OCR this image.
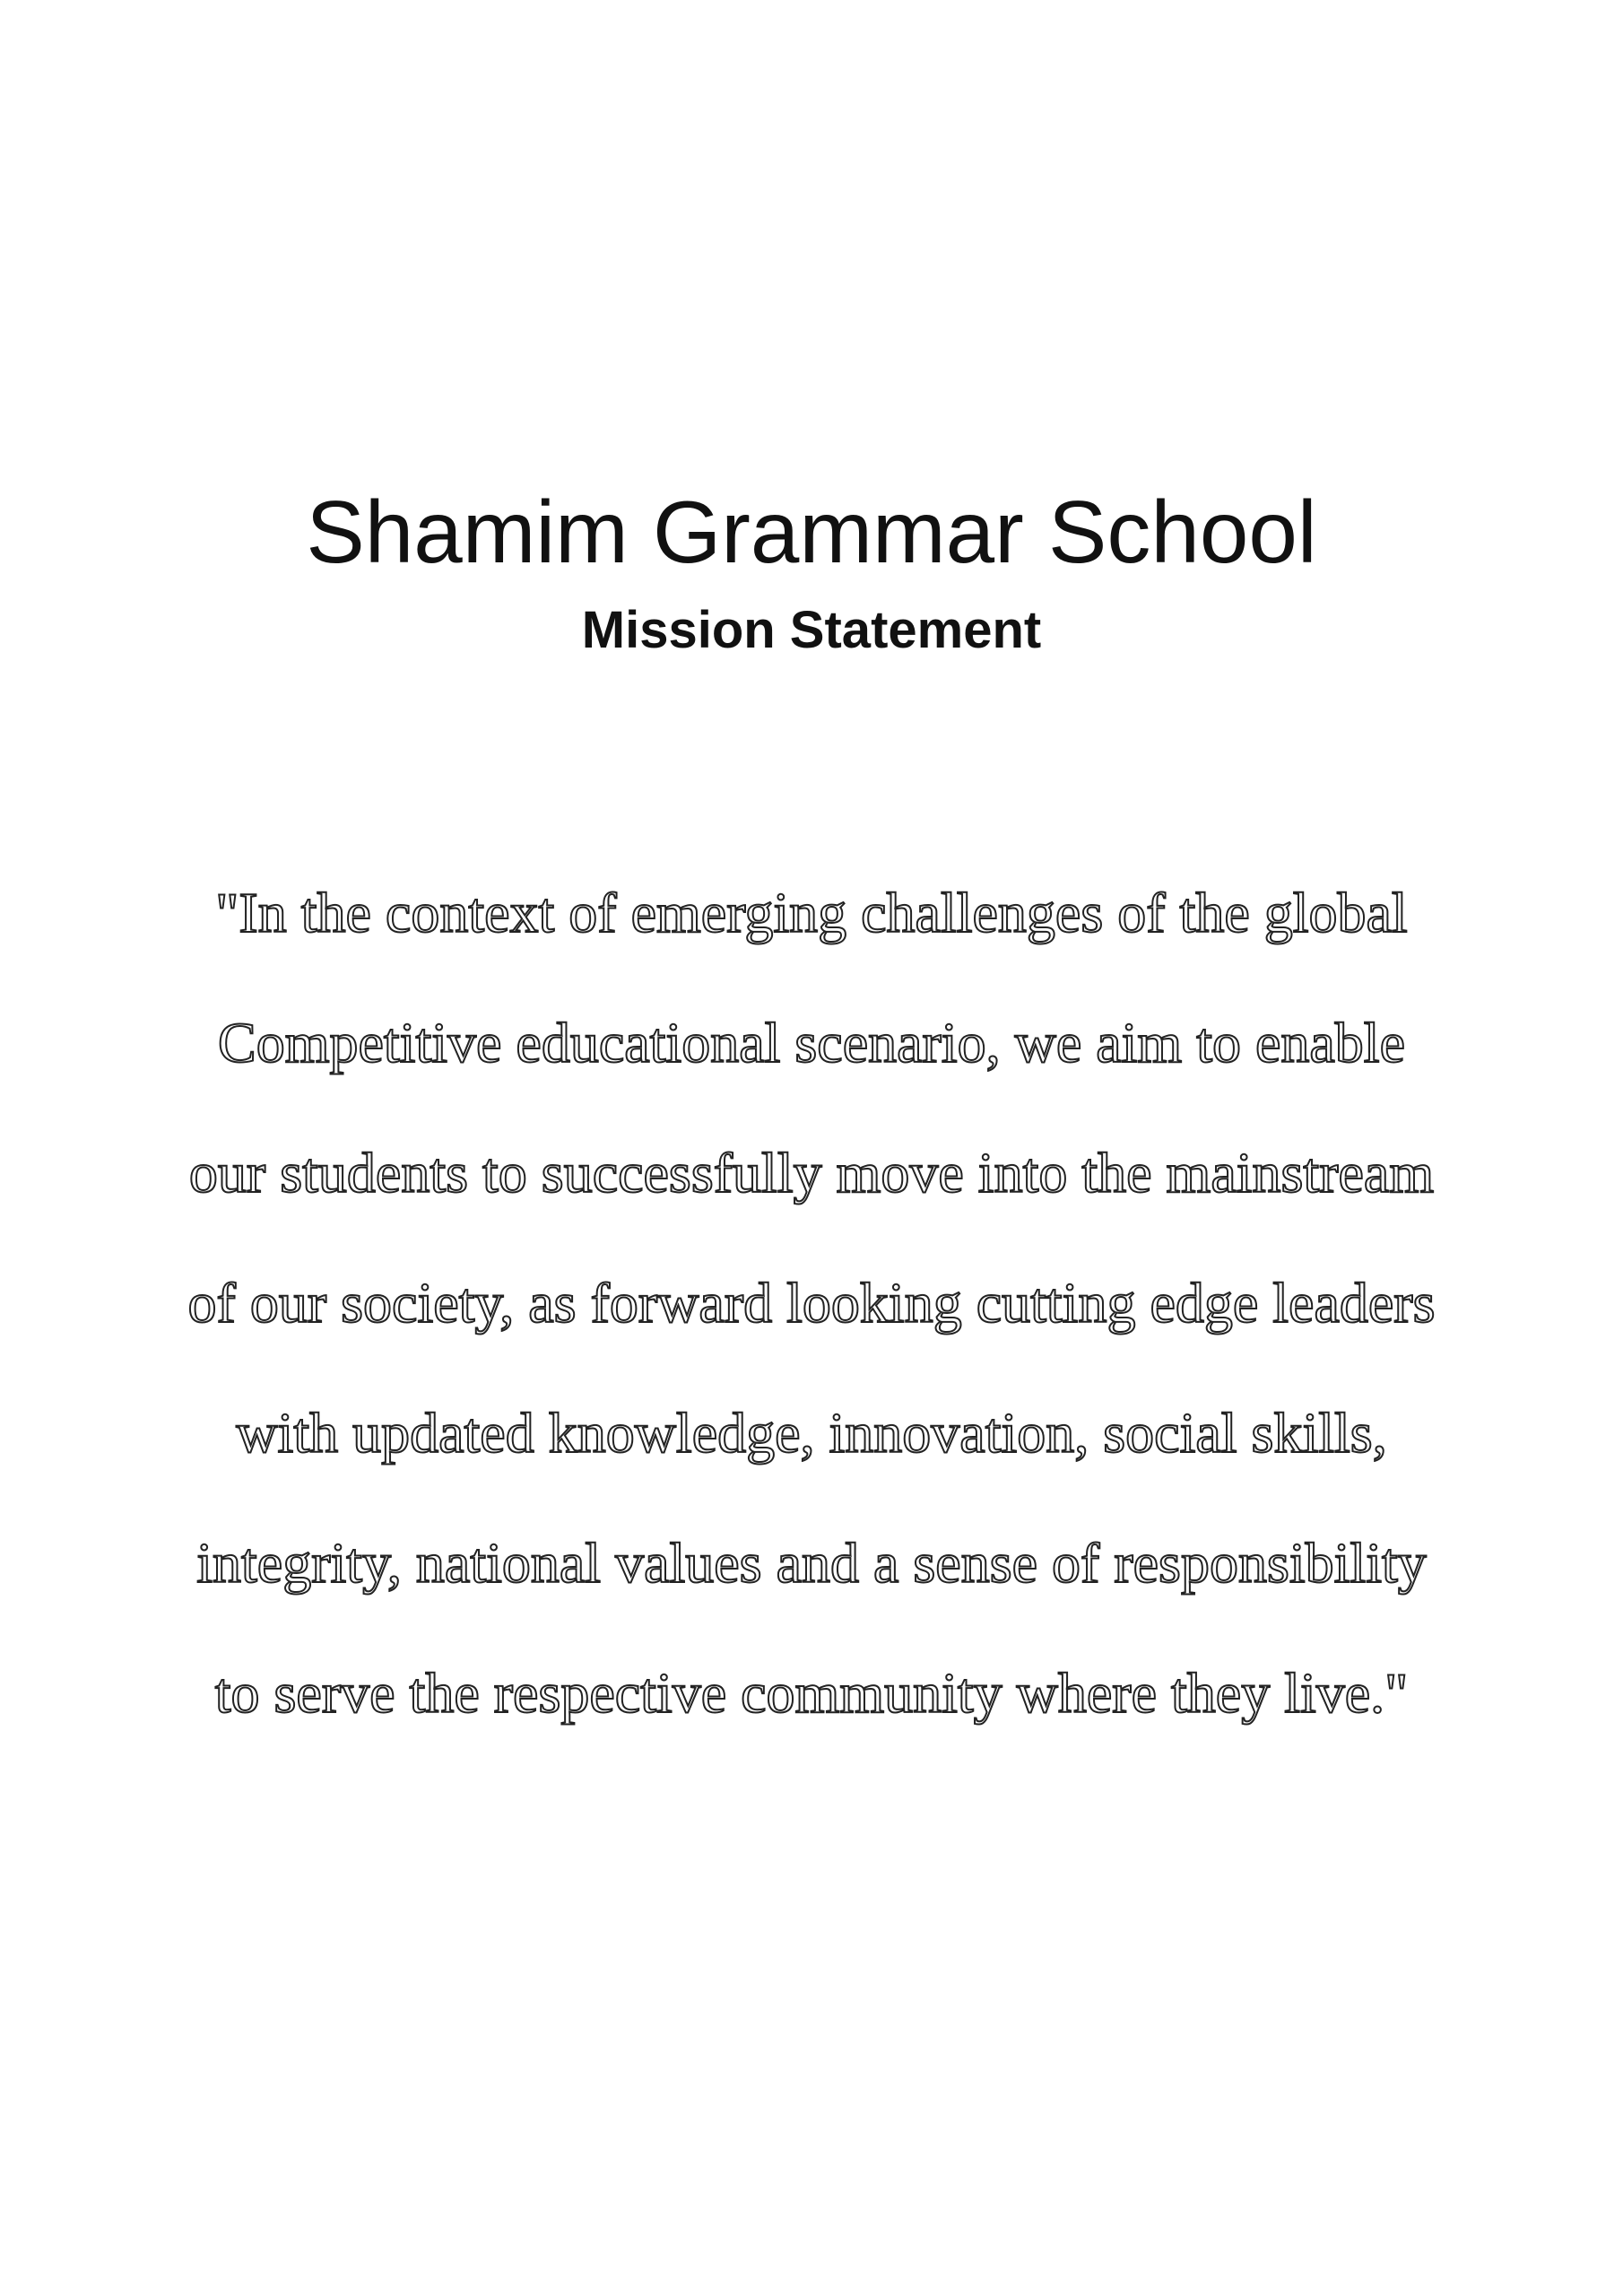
Shamim Grammar School
Mission Statement
"In the context of emerging challenges of the global
Competitive educational scenario, we aim to enable
our students to successfully move into the mainstream
of our society, as forward looking cutting edge leaders
with updated knowledge, innovation, social skills,
integrity, national values and a sense of responsibility
to serve the respective community where they live."
